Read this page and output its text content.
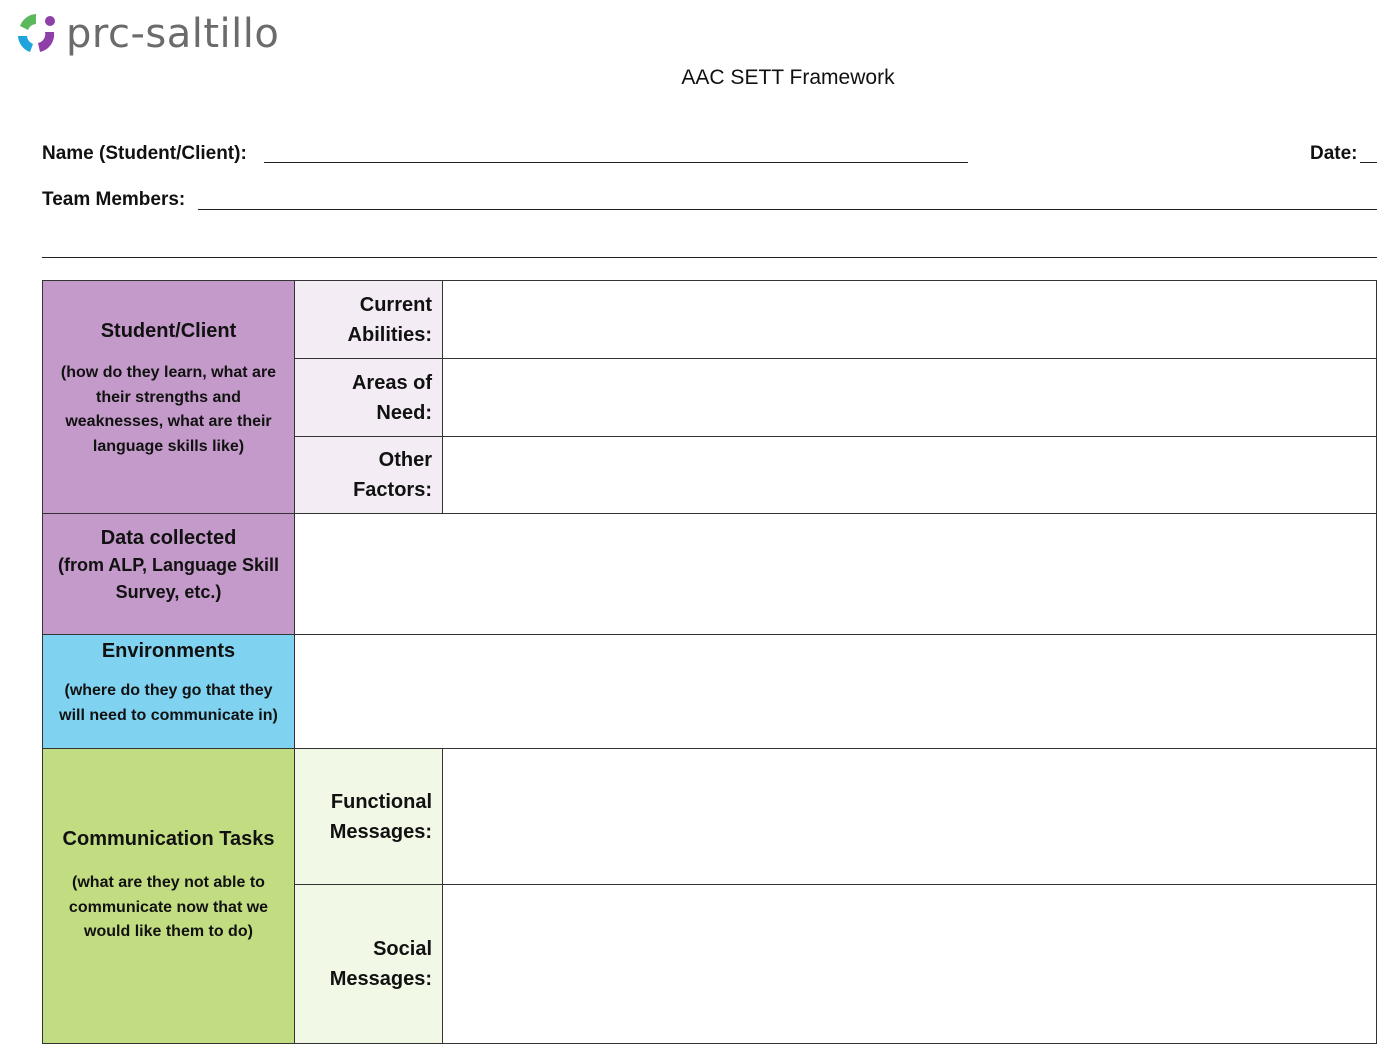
prc-saltillo
AAC SETT Framework
Name (Student/Client):	Date:
Team Members:
Student/Client
(how do they learn, what are their strengths and weaknesses, what are their language skills like)
Current
Abilities:
Areas of
Need:
Other
Factors:
Data collected
(from ALP, Language Skill Survey, etc.)
Environments
(where do they go that they will need to communicate in)
Communication Tasks
(what are they not able to communicate now that we would like them to do)
Functional
Messages:
Social
Messages:
